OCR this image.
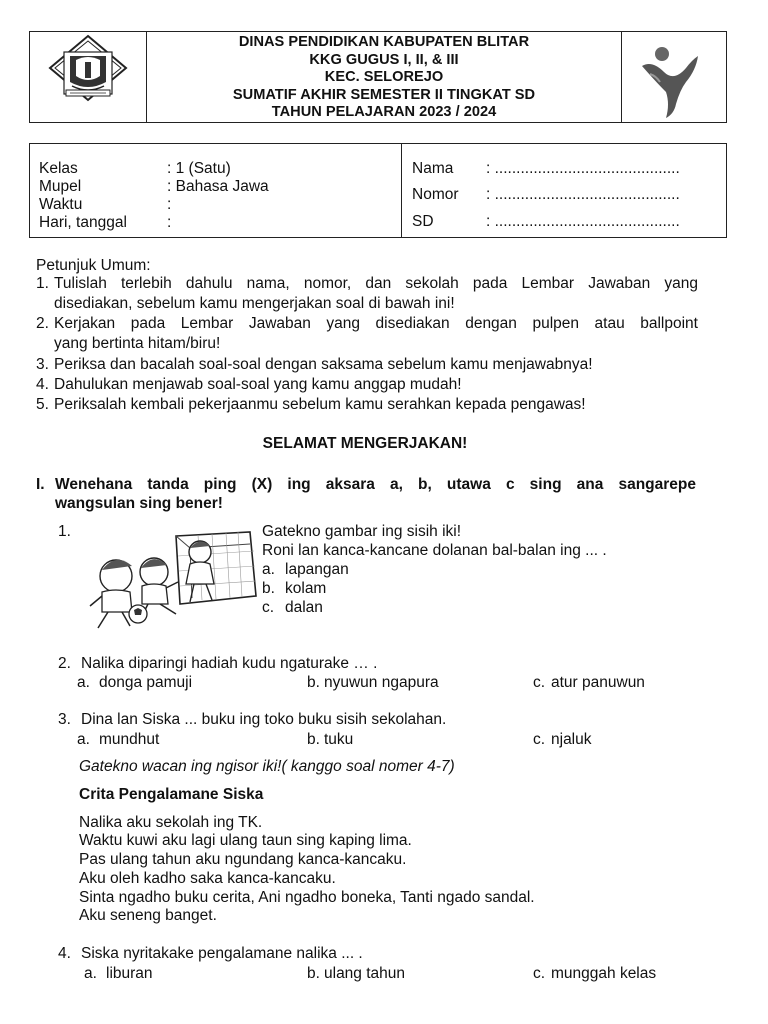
DINAS PENDIDIKAN KABUPATEN BLITAR
KKG GUGUS I, II, & III
KEC. SELOREJO
SUMATIF AKHIR SEMESTER II TINGKAT SD
TAHUN PELAJARAN 2023 / 2024
Kelas	: 1 (Satu)
Mupel	: Bahasa Jawa
Waktu	:
Hari, tanggal	:
Nama : ...........................................
Nomor : ...........................................
SD	: ...........................................
Petunjuk Umum:
1. Tulislah terlebih dahulu nama, nomor, dan sekolah pada Lembar Jawaban yang
disediakan, sebelum kamu mengerjakan soal di bawah ini!
2. Kerjakan pada Lembar Jawaban yang disediakan dengan pulpen atau ballpoint
yang bertinta hitam/biru!
3. Periksa dan bacalah soal-soal dengan saksama sebelum kamu menjawabnya!
4. Dahulukan menjawab soal-soal yang kamu anggap mudah!
5. Periksalah kembali pekerjaanmu sebelum kamu serahkan kepada pengawas!
SELAMAT MENGERJAKAN!
I. Wenehana tanda ping (X) ing aksara a, b, utawa c sing ana sangarepe
wangsulan sing bener!
1.	Gatekno gambar ing sisih iki!
Roni lan kanca-kancane dolanan bal-balan ing ... .
a. lapangan
b. kolam
c. dalan
2. Nalika diparingi hadiah kudu ngaturake … .
a. donga pamuji	b. nyuwun ngapura	c. atur panuwun
3. Dina lan Siska ... buku ing toko buku sisih sekolahan.
a. mundhut	b. tuku	c. njaluk
Gatekno wacan ing ngisor iki!( kanggo soal nomer 4-7)
Crita Pengalamane Siska
Nalika aku sekolah ing TK.
Waktu kuwi aku lagi ulang taun sing kaping lima.
Pas ulang tahun aku ngundang kanca-kancaku.
Aku oleh kadho saka kanca-kancaku.
Sinta ngadho buku cerita, Ani ngadho boneka, Tanti ngado sandal.
Aku seneng banget.
4. Siska nyritakake pengalamane nalika ... .
a. liburan	b. ulang tahun	c. munggah kelas
